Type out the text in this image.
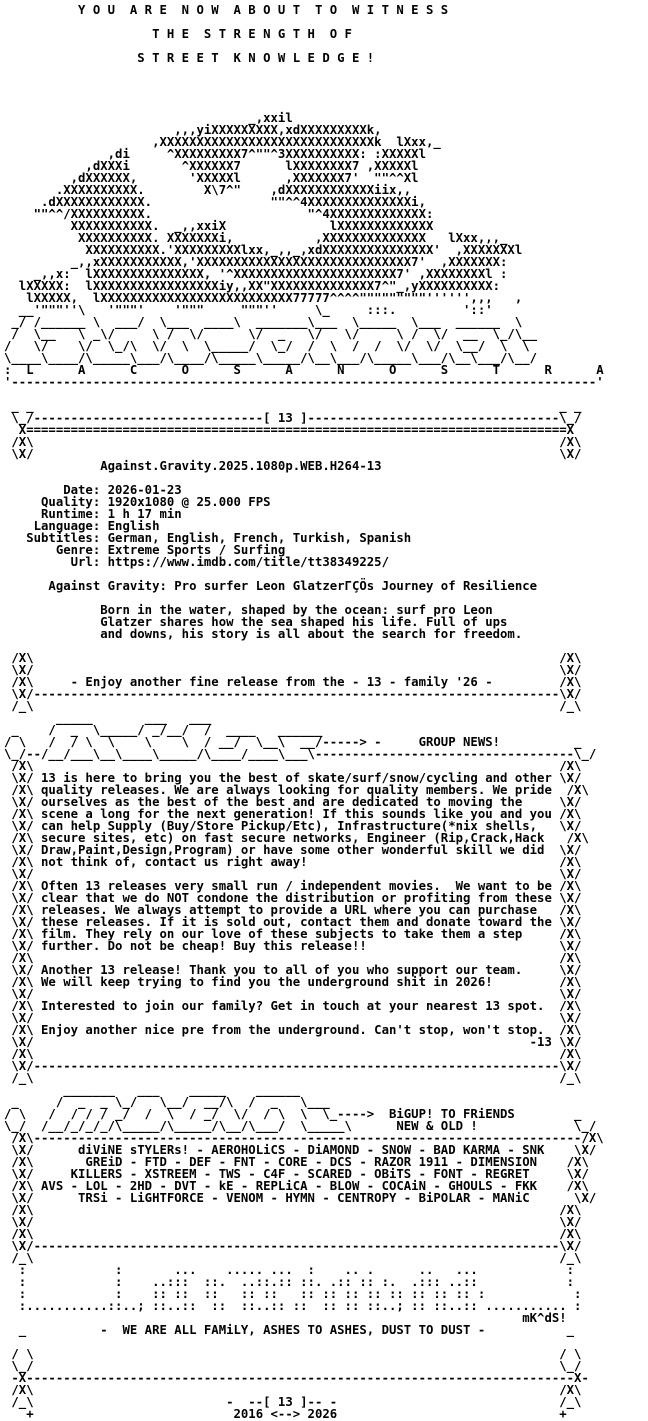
Y O U  A R E  N O W  A B O U T  T O  W I T N E S S
T H E  S T R E N G T H  O F
S T R E E T  K N O W L E D G E !
_,xxil
,,,yiXXXXXXXXX,xdXXXXXXXXXk,
,XXXXXXXXXXXXXXXXXXXXXXXXXXXXXk  lXxx,_
,di     ^XXXXXXXXX7^""^3XXXXXXXXXX: :XXXXXl
,dXXXi       ^XXXXXX7      lXXXXXXXX7 ,XXXXXl
,dXXXXXX,       'XXXXXl      ,XXXXXXX7'  ""^^Xl
.XXXXXXXXXX.        X\7^"    ,dXXXXXXXXXXXXiix,,
.dXXXXXXXXXXXX.                ""^^4XXXXXXXXXXXXXXi,
""^^/XXXXXXXXXX.                     "^4XXXXXXXXXXXXX:
XXXXXXXXXXX.  _,,xxiX              lXXXXXXXXXXXXX
XXXXXXXXXX. XXXXXXXi,           ,XXXXXXXXXXXXXX   lXxx,,,_
XXXXXXXXXX.'XXXXXXXXXlxx,_,,_,xdXXXXXXXXXXXXXXX'  ,XXXXXXXl
_,,xXXXXXXXXXXX,'XXXXXXXXXXXXXXXXXXXXXXXXXXXXX7'  ,XXXXXXX:
_,,x:  lXXXXXXXXXXXXXXX, '^XXXXXXXXXXXXXXXXXXXXXX7' ,XXXXXXXXl :
lXXXXX:  lXXXXXXXXXXXXXXXXXiy,,XX"XXXXXXXXXXXXXX7^"_,yXXXXXXXXXX:
lXXXXX,  lXXXXXXXXXXXXXXXXXXXXXXXXXX77777^^^^"""""""""'''''',,,   ,
__'"""''\   '"""'    '"""     """''     \_     :::.         '::'
_/ /______ \  ___/  \___  ____\  _______\___  \_____  \___  ______  \
/  \__   \ _\/     \ /  \/      \/  _   \/   \/     \ /  \/  __  \_/\__
/   \/    \/  \_/\  \/  \  \_____/  \_/  /  \  /  /  \/  \/  \__/  \  \
\____\____/\_____\___/\____/\_____\_____/\__\___/\_____\___/\__\___/\__/
:  L      A      C      O      S      A      N      O      S      T      R      A
'-------------------------------------------------------------------------------'
_ _                                                                       _ _
\_/-------------------------------[ 13 ]----------------------------------\_/
X=========================================================================X
/X\                                                                       /X\
\X/                                                                       \X/
Against.Gravity.2025.1080p.WEB.H264-13
Date: 2026-01-23
Quality: 1920x1080 @ 25.000 FPS
Runtime: 1 h 17 min
Language: English
Subtitles: German, English, French, Turkish, Spanish
Genre: Extreme Sports / Surfing
Url: https://www.imdb.com/title/tt38349225/
Against Gravity: Pro surfer Leon GlatzerΓÇÖs Journey of Resilience
Born in the water, shaped by the ocean: surf pro Leon
Glatzer shares how the sea shaped his life. Full of ups
and downs, his story is all about the search for freedom.
/X\                                                                       /X\
\X/                                                                       \X/
/X\     - Enjoy another fine release from the - 13 - family '26 -         /X\
\X/-----------------------------------------------------------------------\X/
/_\                                                                       /_\
_____       ___   ___
_    /  _  \_____/ _/__/  /  ____   ______
/ \   /  / \  \    \    \  / __/  \__\  __/-----> -     GROUP NEWS!          _
\_/--/__/___\__\____\_____/\____/____\___\-----------------------------------\_/
/X\                                                                       /X\
\X/ 13 is here to bring you the best of skate/surf/snow/cycling and other \X/
/X\ quality releases. We are always looking for quality members. We pride  /X\
\X/ ourselves as the best of the best and are dedicated to moving the     \X/
/X\ scene a long for the next generation! If this sounds like you and you /X\
\X/ can help Supply (Buy/Store Pickup/Etc), Infrastructure(*nix shells,   \X/
/X\ secure sites, etc) on fast secure networks, Engineer (Rip,Crack,Hack   /X\
\X/ Draw,Paint,Design,Program) or have some other wonderful skill we did  \X/
/X\ not think of, contact us right away!                                  /X\
\X/                                                                       \X/
/X\ Often 13 releases very small run / independent movies.  We want to be /X\
\X/ clear that we do NOT condone the distribution or profiting from these \X/
/X\ releases. We always attempt to provide a URL where you can purchase   /X\
\X/ these releases. If it is sold out, contact them and donate toward the \X/
/X\ film. They rely on our love of these subjects to take them a step     /X\
\X/ further. Do not be cheap! Buy this release!!                          \X/
/X\                                                                       /X\
\X/ Another 13 release! Thank you to all of you who support our team.     \X/
/X\ We will keep trying to find you the underground shit in 2026!         /X\
\X/                                                                       \X/
/X\ Interested to join our family? Get in touch at your nearest 13 spot.  /X\
\X/                                                                       \X/
/X\ Enjoy another nice pre from the underground. Can't stop, won't stop.  /X\
\X/                                                                   -13 \X/
/X\                                                                       /X\
\X/-----------------------------------------------------------------------\X/
/_\                                                                       /_\
_______   ___    _____    ______
_     /  _  _ \_/   \__/  __/\  /  _   \___
/ \   /  / / / _/  /  \  / _/  \/  / \  \  \_---->  BiGUP! TO FRiENDS        _
\_/  /__/_/_/_/\_____/\_____/\__/\___/  \_____\      NEW & OLD !             \_/
/X\--------------------------------------------------------------------------/X\
\X/      diViNE sTYLERs! - AEROHOLiCS - DiAMOND - SNOW - BAD KARMA - SNK    \X/
/X\       GREiD - FTD - DEF - FNT - CORE - DCS - RAZOR 1911 - DIMENSION    /X\
\X/     KILLERS - XSTREEM - TWS - C4F - SCARED - OBiTS - FONT - REGRET     \X/
/X\ AVS - LOL - 2HD - DVT - kE - REPLiCA - BLOW - COCAiN - GHOULS - FKK    /X\
\X/      TRSi - LiGHTFORCE - VENOM - HYMN - CENTROPY - BiPOLAR - MANiC      \X/
/X\                                                                       /X\
\X/                                                                       \X/
/X\                                                                       /X\
\X/-----------------------------------------------------------------------\X/
/_\                                                                       /_\
:            :       ...    ..... ...  :    .. .      ..   ...            :
:            :    ..:::  ::.  ..::.:: ::. .:: :: :.  .::: ..::            :
:            :    :: ::  ::   :: ::   :: :: :: :: :: :: :: :: :            :
:...........::..; ::..::  ::  ::..:: ::  :: :: ::..; :: ::..:: ........... :
mK^dS!
_          -  WE ARE ALL FAMiLY, ASHES TO ASHES, DUST TO DUST -           _
/ \                                                                       / \
\_/                                                                       \_/
-X--------------------------------------------------------------------------X-
/X\                                                                       /X\
/_\                          -  --[ 13 ]-- -                              /_\
+                           2016 <--> 2026                              +
